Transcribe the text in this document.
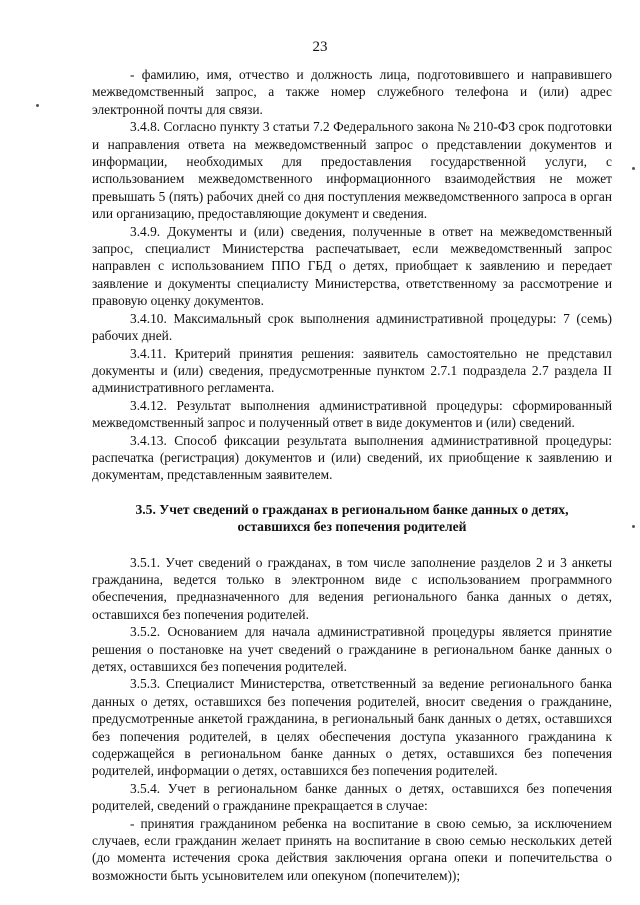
23

- фамилию, имя, отчество и должность лица, подготовившего и направившего межведомственный запрос, а также номер служебного телефона и (или) адрес электронной почты для связи.

3.4.8. Согласно пункту 3 статьи 7.2 Федерального закона № 210-ФЗ срок подготовки и направления ответа на межведомственный запрос о представлении документов и информации, необходимых для предоставления государственной услуги, с использованием межведомственного информационного взаимодействия не может превышать 5 (пять) рабочих дней со дня поступления межведомственного запроса в орган или организацию, предоставляющие документ и сведения.

3.4.9. Документы и (или) сведения, полученные в ответ на межведомственный запрос, специалист Министерства распечатывает, если межведомственный запрос направлен с использованием ППО ГБД о детях, приобщает к заявлению и передает заявление и документы специалисту Министерства, ответственному за рассмотрение и правовую оценку документов.

3.4.10. Максимальный срок выполнения административной процедуры: 7 (семь) рабочих дней.

3.4.11. Критерий принятия решения: заявитель самостоятельно не представил документы и (или) сведения, предусмотренные пунктом 2.7.1 подраздела 2.7 раздела II административного регламента.

3.4.12. Результат выполнения административной процедуры: сформированный межведомственный запрос и полученный ответ в виде документов и (или) сведений.

3.4.13. Способ фиксации результата выполнения административной процедуры: распечатка (регистрация) документов и (или) сведений, их приобщение к заявлению и документам, представленным заявителем.

3.5. Учет сведений о гражданах в региональном банке данных о детях,
оставшихся без попечения родителей

3.5.1. Учет сведений о гражданах, в том числе заполнение разделов 2 и 3 анкеты гражданина, ведется только в электронном виде с использованием программного обеспечения, предназначенного для ведения регионального банка данных о детях, оставшихся без попечения родителей.

3.5.2. Основанием для начала административной процедуры является принятие решения о постановке на учет сведений о гражданине в региональном банке данных о детях, оставшихся без попечения родителей.

3.5.3. Специалист Министерства, ответственный за ведение регионального банка данных о детях, оставшихся без попечения родителей, вносит сведения о гражданине, предусмотренные анкетой гражданина, в региональный банк данных о детях, оставшихся без попечения родителей, в целях обеспечения доступа указанного гражданина к содержащейся в региональном банке данных о детях, оставшихся без попечения родителей, информации о детях, оставшихся без попечения родителей.

3.5.4. Учет в региональном банке данных о детях, оставшихся без попечения родителей, сведений о гражданине прекращается в случае:

- принятия гражданином ребенка на воспитание в свою семью, за исключением случаев, если гражданин желает принять на воспитание в свою семью нескольких детей (до момента истечения срока действия заключения органа опеки и попечительства о возможности быть усыновителем или опекуном (попечителем));
